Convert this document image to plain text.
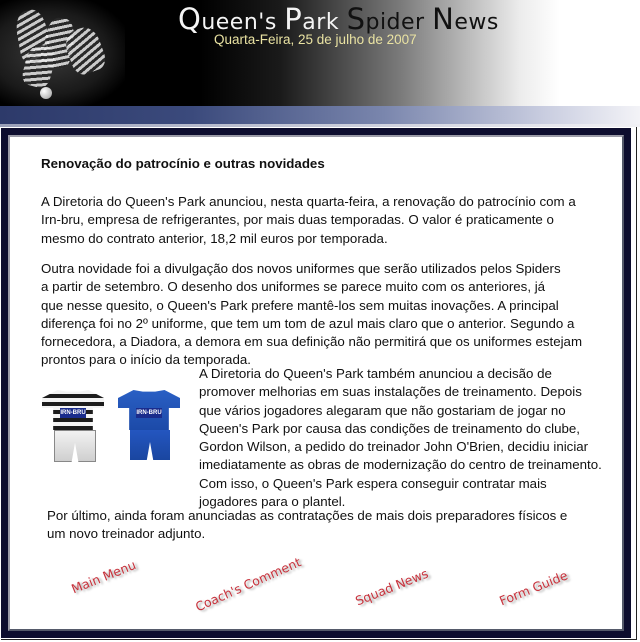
Queen's Park Spider News
Quarta-Feira, 25 de julho de 2007
Renovação do patrocínio e outras novidades
A Diretoria do Queen's Park anunciou, nesta quarta-feira, a renovação do patrocínio com a
Irn-bru, empresa de refrigerantes, por mais duas temporadas. O valor é praticamente o
mesmo do contrato anterior, 18,2 mil euros por temporada.
Outra novidade foi a divulgação dos novos uniformes que serão utilizados pelos Spiders
a partir de setembro. O desenho dos uniformes se parece muito com os anteriores, já
que nesse quesito, o Queen's Park prefere mantê-los sem muitas inovações. A principal
diferença foi no 2º uniforme, que tem um tom de azul mais claro que o anterior. Segundo a
fornecedora, a Diadora, a demora em sua definição não permitirá que os uniformes estejam
prontos para o início da temporada.
IRN-BRU	IRN-BRU
A Diretoria do Queen's Park também anunciou a decisão de
promover melhorias em suas instalações de treinamento. Depois
que vários jogadores alegaram que não gostariam de jogar no
Queen's Park por causa das condições de treinamento do clube,
Gordon Wilson, a pedido do treinador John O'Brien, decidiu iniciar
imediatamente as obras de modernização do centro de treinamento.
Com isso, o Queen's Park espera conseguir contratar mais
jogadores para o plantel.
Por último, ainda foram anunciadas as contratações de mais dois preparadores físicos e
um novo treinador adjunto.
Main Menu	Coach's Comment	Squad News	Form Guide
